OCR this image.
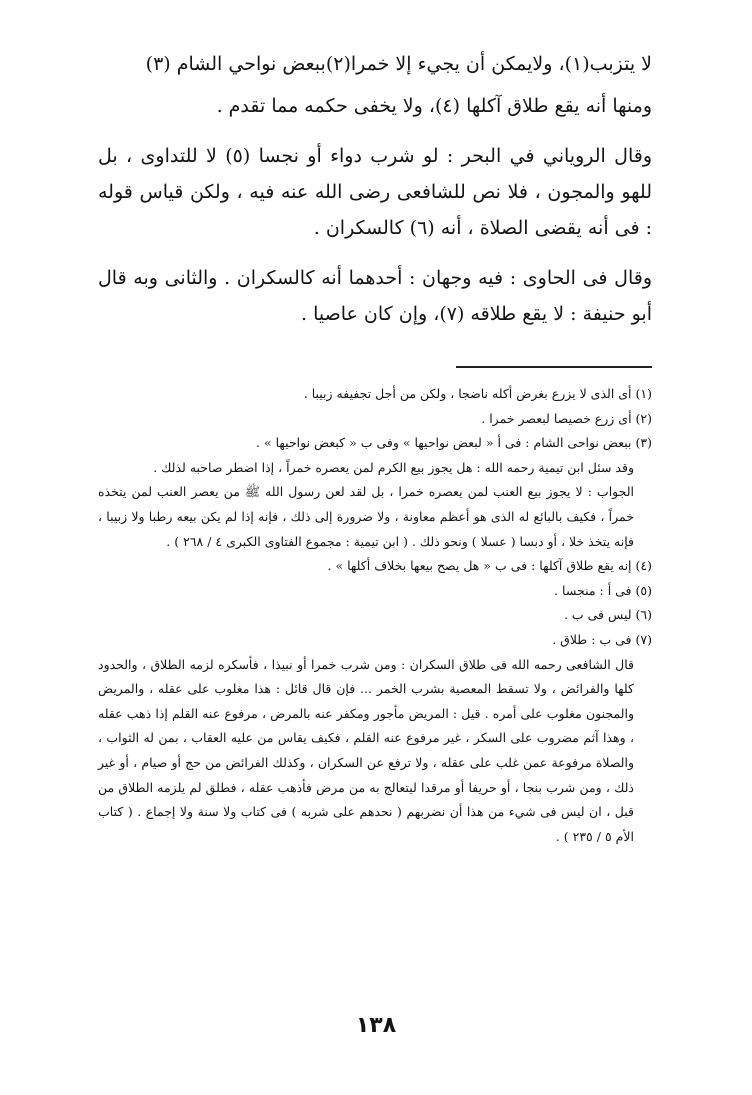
لا يتزبب(١)، ولايمكن أن يجيء إلا خمرا(٢)ببعض نواحي الشام (٣)

ومنها أنه يقع طلاق آكلها (٤)، ولا يخفى حكمه مما تقدم .

وقال الروياني في البحر : لو شرب دواء أو نجسا (٥) لا للتداوى ، بل للهو والمجون ، فلا نص للشافعى رضى الله عنه فيه ، ولكن قياس قوله : فى أنه يقضى الصلاة ، أنه (٦) كالسكران .

وقال فى الحاوى : فيه وجهان : أحدهما أنه كالسكران . والثانى وبه قال أبو حنيفة : لا يقع طلاقه (٧)، وإن كان عاصيا .

(١) أى الذى لا يزرع بغرض أكله ناضجا ، ولكن من أجل تجفيفه زبيبا .

(٢) أى زرع خصيصا لبعصر خمرا .

(٣) ببعض نواحى الشام : فى أ « لبعض نواحيها » وفى ب « كبعض نواحيها » .

وقد سئل ابن تيمية رحمه الله : هل يجوز بيع الكرم لمن يعصره خمراً ، إذا اضطر صاحبه لذلك .

الجواب : لا يجوز بيع العنب لمن يعصره خمرا ، بل لقد لعن رسول الله ﷺ من يعصر العنب لمن يتخذه خمراً ، فكيف بالبائع له الذى هو أعظم معاونة ، ولا ضرورة إلى ذلك ، فإنه إذا لم يكن بيعه رطبا ولا زبيبا ، فإنه يتخذ خلا ، أو دبسا ( عسلا ) ونحو ذلك . ( ابن تيمية : مجموع الفتاوى الكبرى ٤ / ٢٦٨ ) .

(٤) إنه يقع طلاق آكلها : فى ب « هل يصح بيعها بخلاف أكلها » .

(٥) فى أ : منجسا .

(٦) ليس فى ب .

(٧) فى ب : طلاق .

قال الشافعى رحمه الله فى طلاق السكران : ومن شرب خمرا أو نبيذا ، فأسكره لزمه الطلاق ، والحدود كلها والفرائض ، ولا تسقط المعصية بشرب الخمر ... فإن قال قائل : هذا مغلوب على عقله ، والمريض والمجنون مغلوب على أمره . قيل : المريض مأجور ومكفر عنه بالمرض ، مرفوع عنه القلم إذا ذهب عقله ، وهذا آثم مضروب على السكر ، غير مرفوع عنه القلم ، فكيف يقاس من عليه العقاب ، بمن له الثواب ، والصلاة مرفوعة عمن غلب على عقله ، ولا ترفع عن السكران ، وكذلك الفرائض من حج أو صيام ، أو غير ذلك ، ومن شرب بنجا ، أو حريفا أو مرقدا ليتعالج به من مرض فأذهب عقله ، فطلق لم يلزمه الطلاق من قبل ، ان ليس فى شيء من هذا أن نضربهم ( نحدهم على شربه ) فى كتاب ولا سنة ولا إجماع . ( كتاب الأم ٥ / ٢٣٥ ) .

١٣٨
